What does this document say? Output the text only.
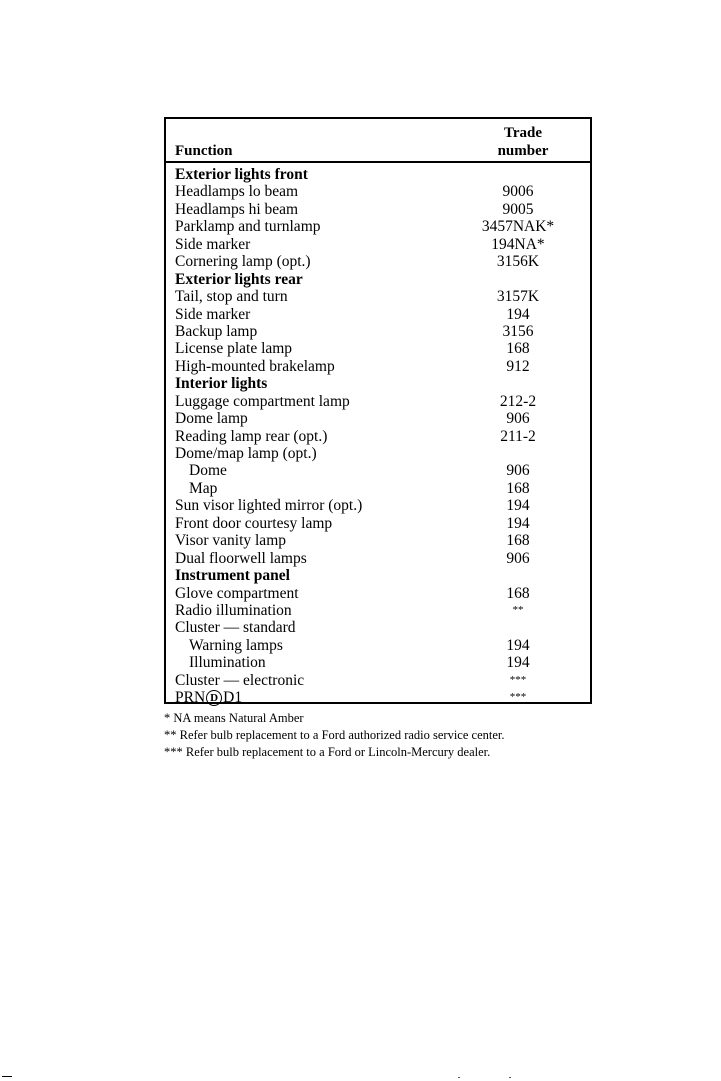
Function
Trade
number
Exterior lights front
Headlamps lo beam	9006
Headlamps hi beam	9005
Parklamp and turnlamp	3457NAK*
Side marker	194NA*
Cornering lamp (opt.)	3156K
Exterior lights rear
Tail, stop and turn	3157K
Side marker	194
Backup lamp	3156
License plate lamp	168
High-mounted brakelamp	912
Interior lights
Luggage compartment lamp	212-2
Dome lamp	906
Reading lamp rear (opt.)	211-2
Dome/map lamp (opt.)
Dome	906
Map	168
Sun visor lighted mirror (opt.)	194
Front door courtesy lamp	194
Visor vanity lamp	168
Dual floorwell lamps	906
Instrument panel
Glove compartment	168
Radio illumination	**
Cluster — standard
Warning lamps	194
Illumination	194
Cluster — electronic	***
PRN D D1	***
* NA means Natural Amber
** Refer bulb replacement to a Ford authorized radio service center.
*** Refer bulb replacement to a Ford or Lincoln-Mercury dealer.
